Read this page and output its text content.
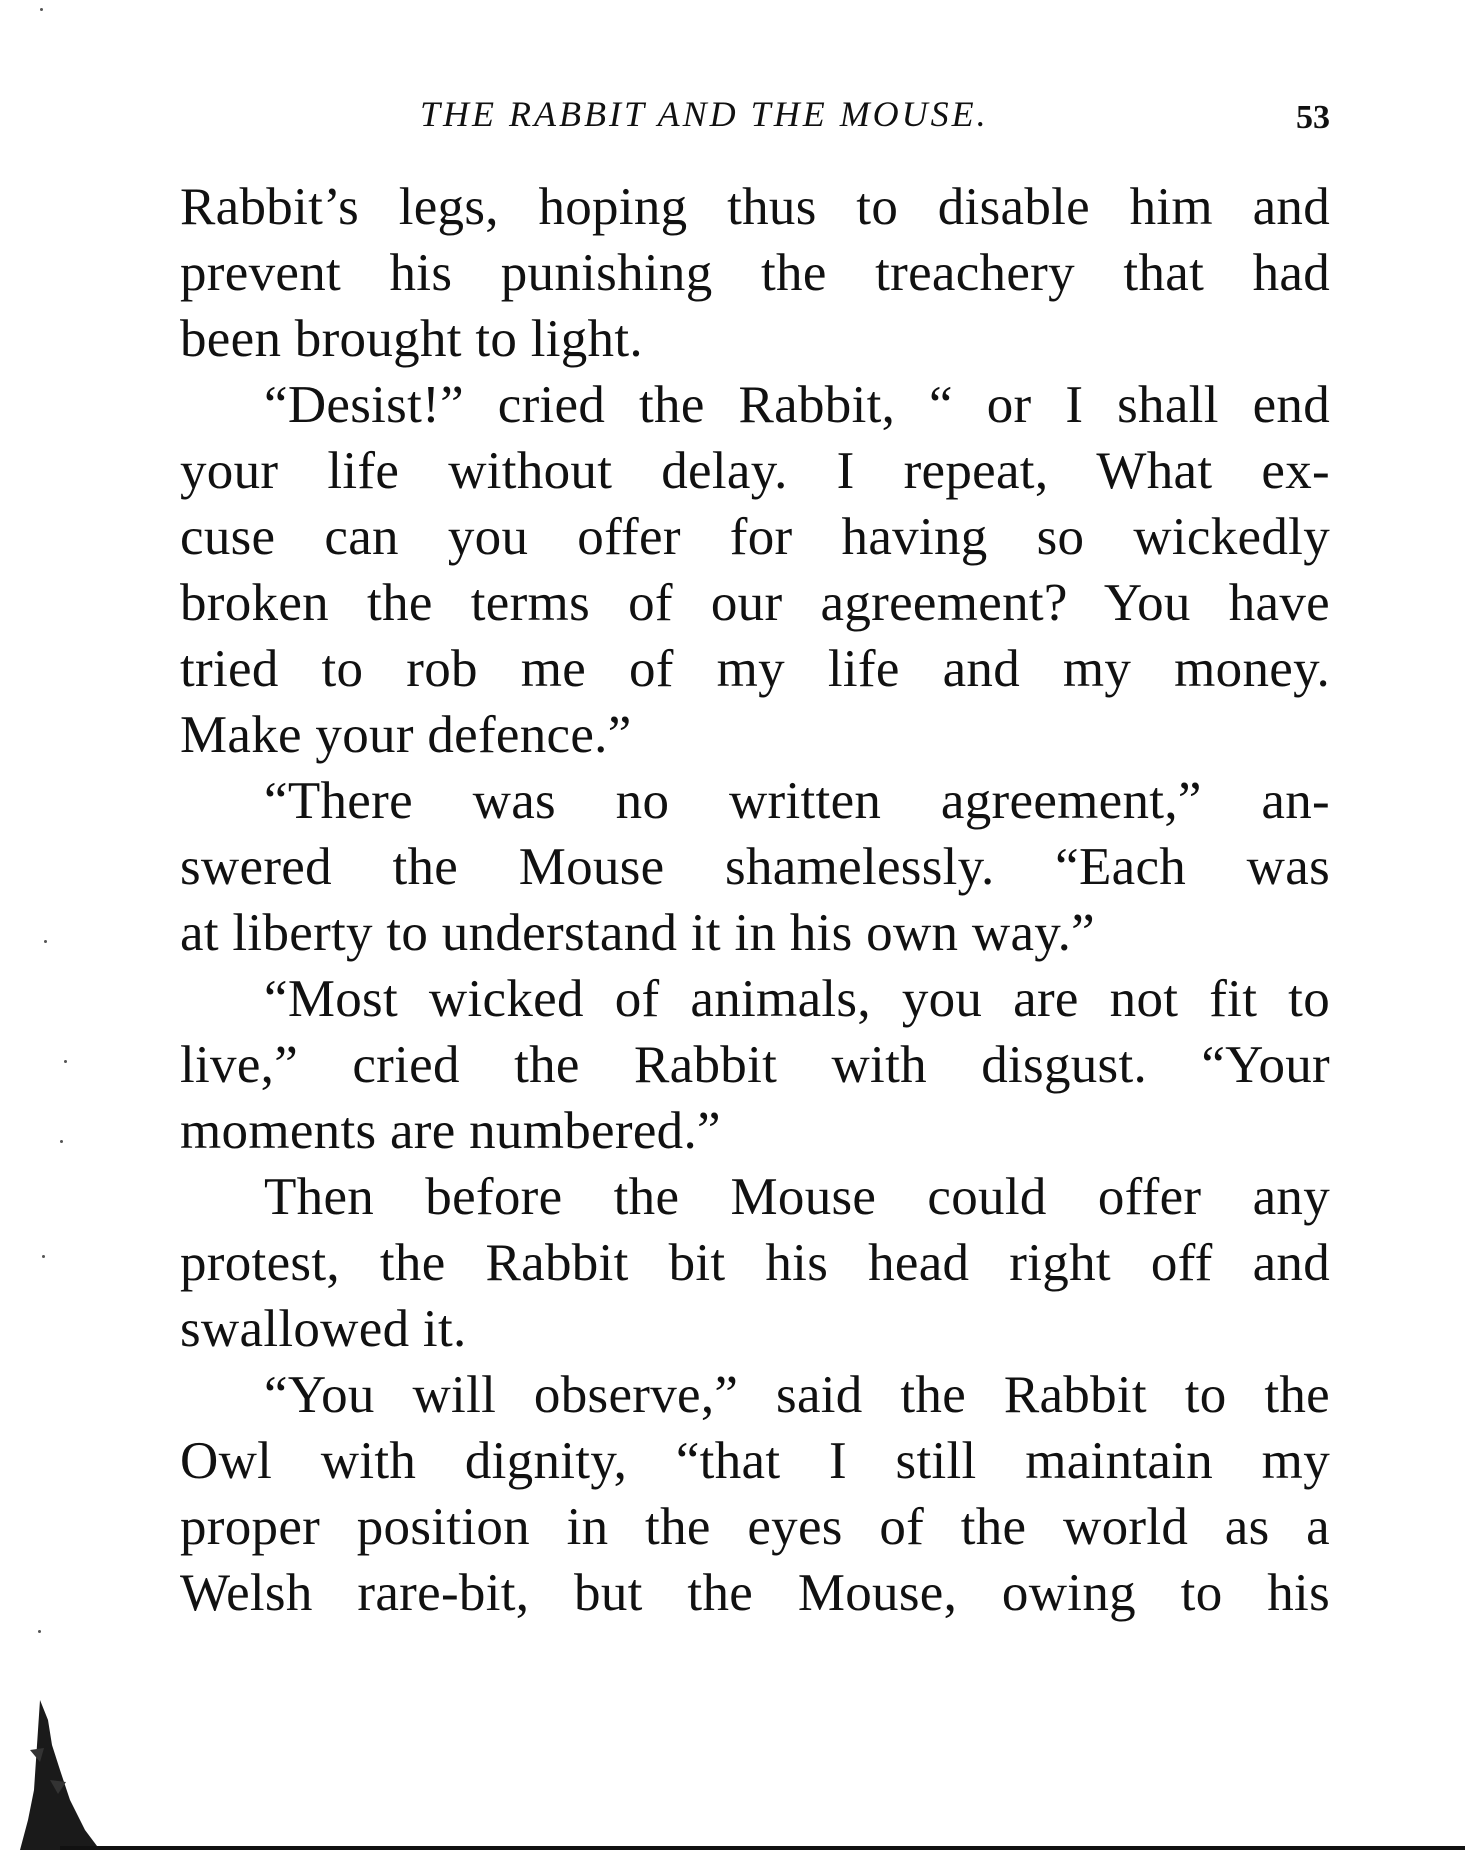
THE RABBIT AND THE MOUSE.	53
Rabbit’s legs, hoping thus to disable him and
prevent his punishing the treachery that had
been brought to light.
“Desist!” cried the Rabbit, “ or I shall end
your life without delay. I repeat, What ex-
cuse can you offer for having so wickedly
broken the terms of our agreement? You have
tried to rob me of my life and my money.
Make your defence.”
“There was no written agreement,” an-
swered the Mouse shamelessly. “Each was
at liberty to understand it in his own way.”
“Most wicked of animals, you are not fit to
live,” cried the Rabbit with disgust. “Your
moments are numbered.”
Then before the Mouse could offer any
protest, the Rabbit bit his head right off and
swallowed it.
“You will observe,” said the Rabbit to the
Owl with dignity, “that I still maintain my
proper position in the eyes of the world as a
Welsh rare-bit, but the Mouse, owing to his
